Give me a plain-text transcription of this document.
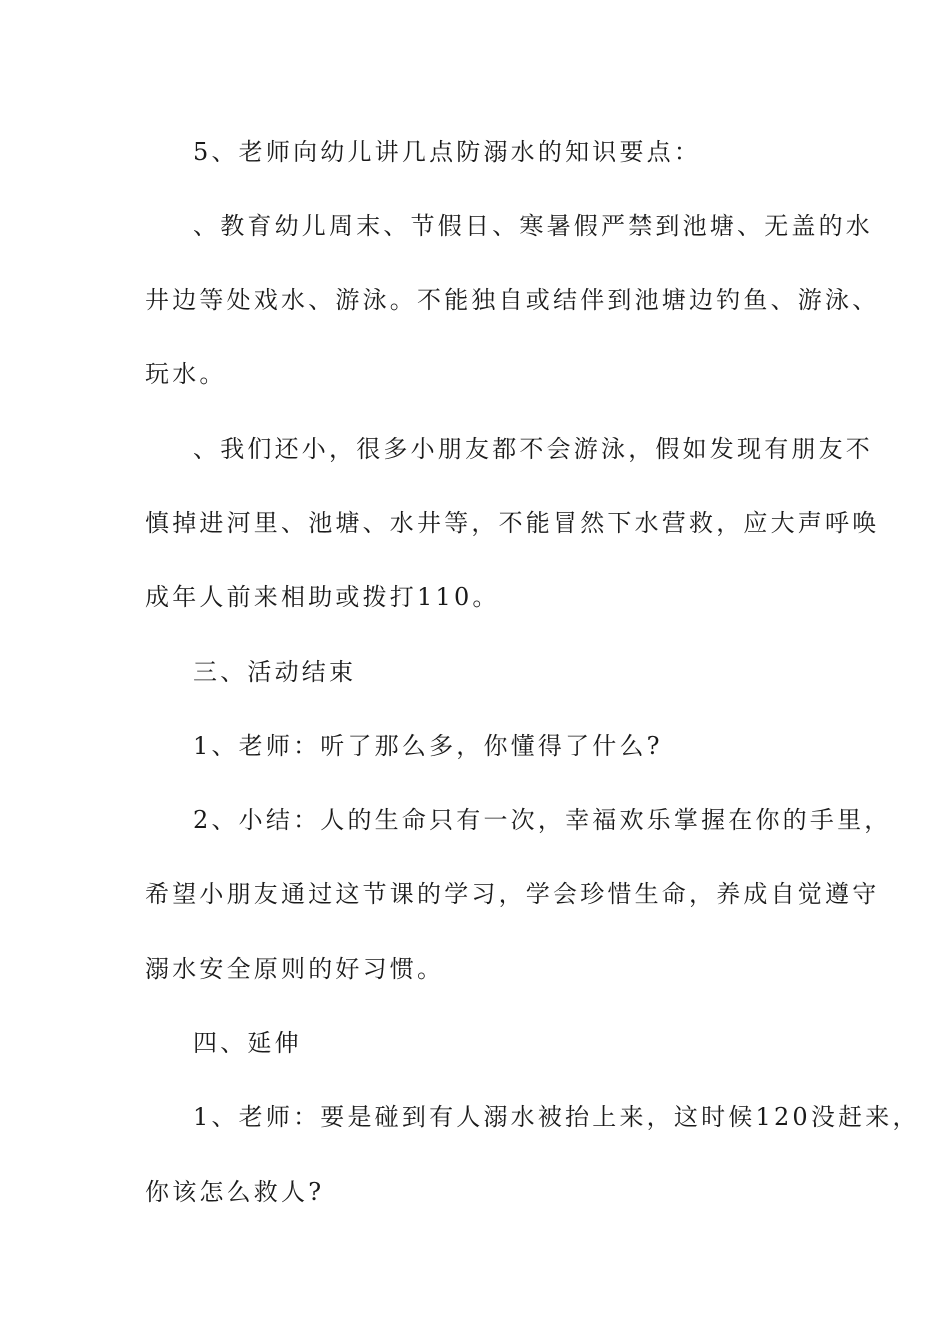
5、老师向幼儿讲几点防溺水的知识要点：
、教育幼儿周末、节假日、寒暑假严禁到池塘、无盖的水
井边等处戏水、游泳。不能独自或结伴到池塘边钓鱼、游泳、
玩水。
、我们还小，很多小朋友都不会游泳，假如发现有朋友不
慎掉进河里、池塘、水井等，不能冒然下水营救，应大声呼唤
成年人前来相助或拨打110。
三、活动结束
1、老师：听了那么多，你懂得了什么?
2、小结：人的生命只有一次，幸福欢乐掌握在你的手里，
希望小朋友通过这节课的学习，学会珍惜生命，养成自觉遵守
溺水安全原则的好习惯。
四、延伸
1、老师：要是碰到有人溺水被抬上来，这时候120没赶来，
你该怎么救人?
